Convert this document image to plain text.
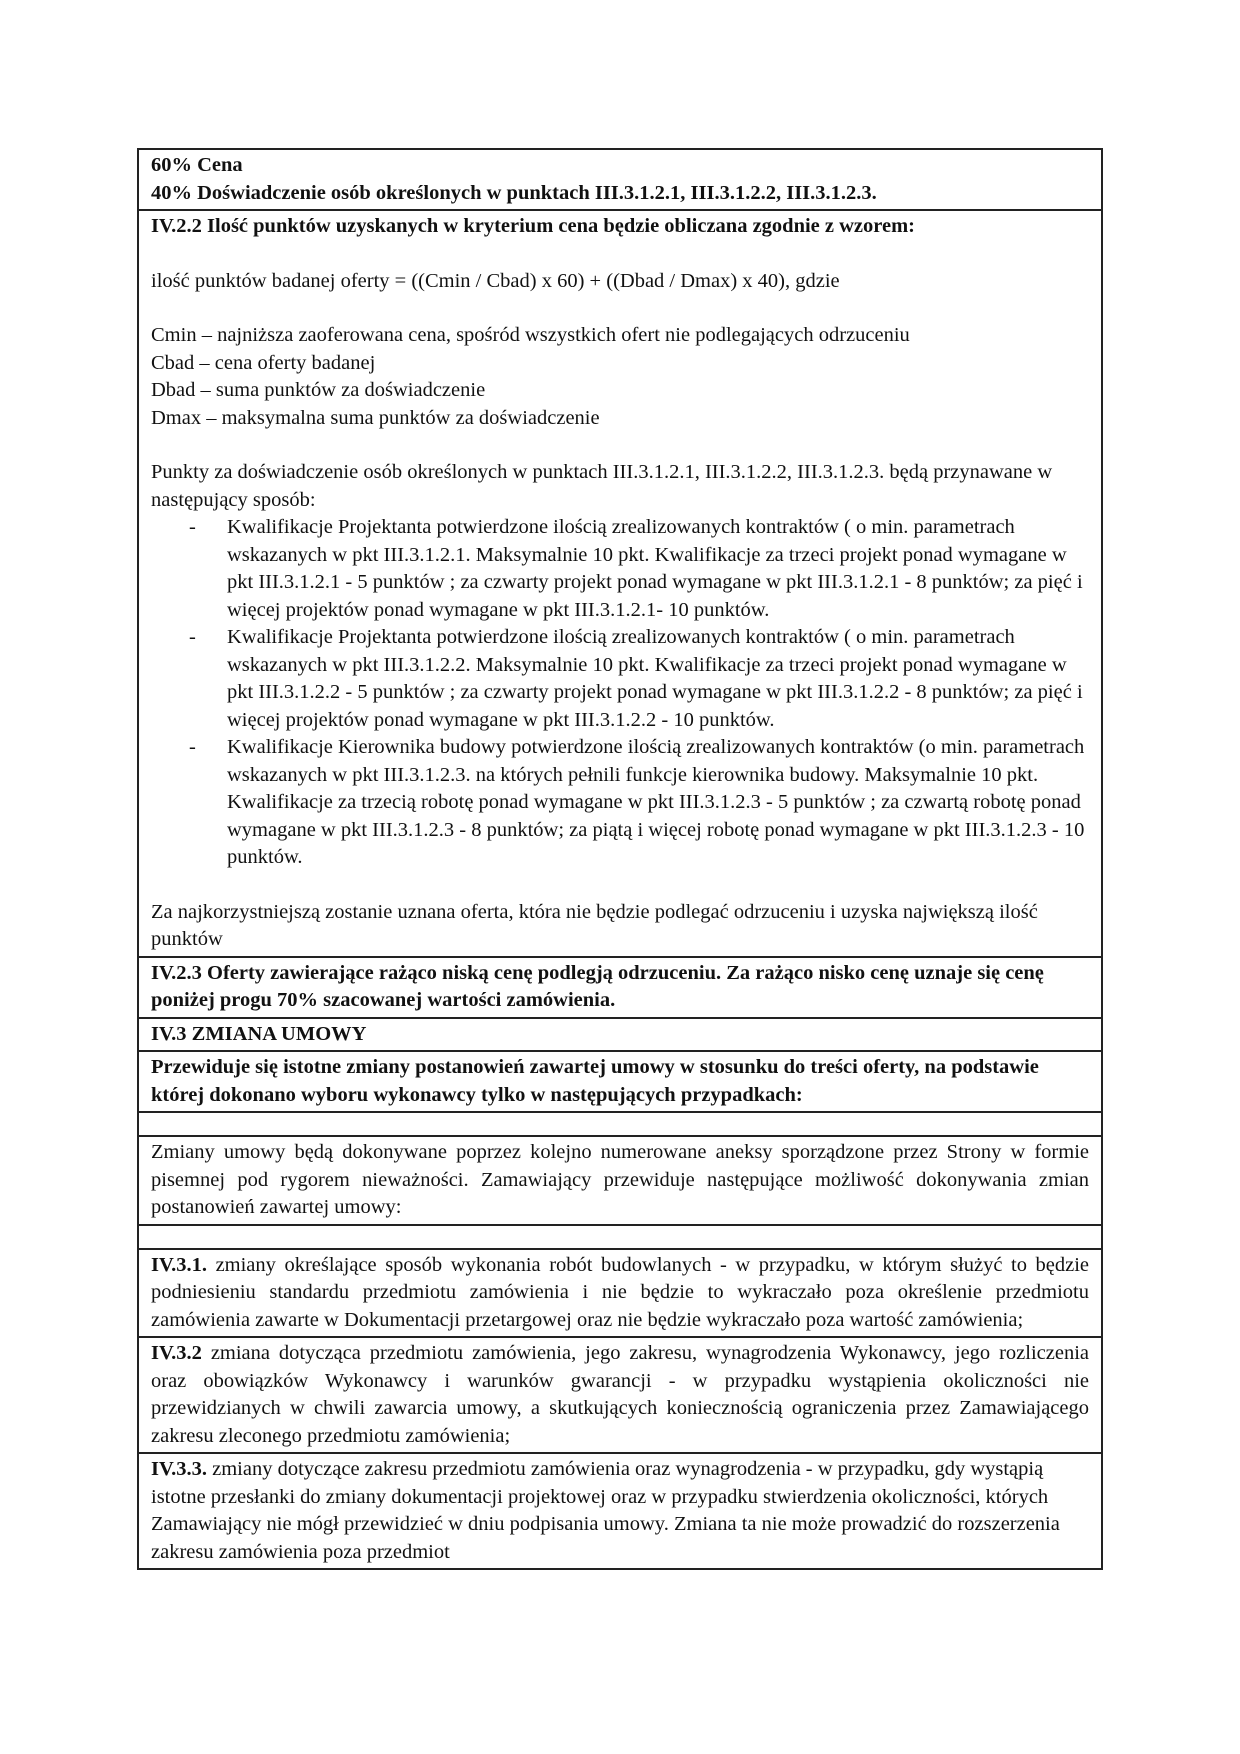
60% Cena
40% Doświadczenie osób określonych w punktach III.3.1.2.1, III.3.1.2.2, III.3.1.2.3.
IV.2.2 Ilość punktów uzyskanych w kryterium cena będzie obliczana zgodnie z wzorem:
ilość punktów badanej oferty = ((Cmin / Cbad) x 60) + ((Dbad / Dmax) x 40), gdzie
Cmin – najniższa zaoferowana cena, spośród wszystkich ofert nie podlegających odrzuceniu
Cbad – cena oferty badanej
Dbad – suma punktów za doświadczenie
Dmax – maksymalna suma punktów za doświadczenie
Punkty za doświadczenie osób określonych w punktach III.3.1.2.1, III.3.1.2.2, III.3.1.2.3. będą przynawane w następujący sposób:
- Kwalifikacje Projektanta potwierdzone ilością zrealizowanych kontraktów ( o min. parametrach wskazanych w pkt III.3.1.2.1. Maksymalnie 10 pkt. Kwalifikacje za trzeci projekt ponad wymagane w pkt III.3.1.2.1 - 5 punktów ; za czwarty projekt ponad wymagane w pkt III.3.1.2.1 - 8 punktów; za pięć i więcej projektów ponad wymagane w pkt III.3.1.2.1- 10 punktów.
- Kwalifikacje Projektanta potwierdzone ilością zrealizowanych kontraktów ( o min. parametrach wskazanych w pkt III.3.1.2.2. Maksymalnie 10 pkt. Kwalifikacje za trzeci projekt ponad wymagane w pkt III.3.1.2.2 - 5 punktów ; za czwarty projekt ponad wymagane w pkt III.3.1.2.2 - 8 punktów; za pięć i więcej projektów ponad wymagane w pkt III.3.1.2.2 - 10 punktów.
- Kwalifikacje Kierownika budowy potwierdzone ilością zrealizowanych kontraktów (o min. parametrach wskazanych w pkt III.3.1.2.3. na których pełnili funkcje kierownika budowy. Maksymalnie 10 pkt. Kwalifikacje za trzecią robotę ponad wymagane w pkt III.3.1.2.3 - 5 punktów ; za czwartą robotę ponad wymagane w pkt III.3.1.2.3 - 8 punktów; za piątą i więcej robotę ponad wymagane w pkt III.3.1.2.3 - 10 punktów.
Za najkorzystniejszą zostanie uznana oferta, która nie będzie podlegać odrzuceniu i uzyska największą ilość punktów
IV.2.3 Oferty zawierające rażąco niską cenę podlegją odrzuceniu. Za rażąco nisko cenę uznaje się cenę poniżej progu 70% szacowanej wartości zamówienia.
IV.3 ZMIANA UMOWY
Przewiduje się istotne zmiany postanowień zawartej umowy w stosunku do treści oferty, na podstawie której dokonano wyboru wykonawcy tylko w następujących przypadkach:
Zmiany umowy będą dokonywane poprzez kolejno numerowane aneksy sporządzone przez Strony w formie pisemnej pod rygorem nieważności. Zamawiający przewiduje następujące możliwość dokonywania zmian postanowień zawartej umowy:
IV.3.1. zmiany określające sposób wykonania robót budowlanych - w przypadku, w którym służyć to będzie podniesieniu standardu przedmiotu zamówienia i nie będzie to wykraczało poza określenie przedmiotu zamówienia zawarte w Dokumentacji przetargowej oraz nie będzie wykraczało poza wartość zamówienia;
IV.3.2 zmiana dotycząca przedmiotu zamówienia, jego zakresu, wynagrodzenia Wykonawcy, jego rozliczenia oraz obowiązków Wykonawcy i warunków gwarancji - w przypadku wystąpienia okoliczności nie przewidzianych w chwili zawarcia umowy, a skutkujących koniecznością ograniczenia przez Zamawiającego zakresu zleconego przedmiotu zamówienia;
IV.3.3. zmiany dotyczące zakresu przedmiotu zamówienia oraz wynagrodzenia - w przypadku, gdy wystąpią istotne przesłanki do zmiany dokumentacji projektowej oraz w przypadku stwierdzenia okoliczności, których Zamawiający nie mógł przewidzieć w dniu podpisania umowy. Zmiana ta nie może prowadzić do rozszerzenia zakresu zamówienia poza przedmiot
